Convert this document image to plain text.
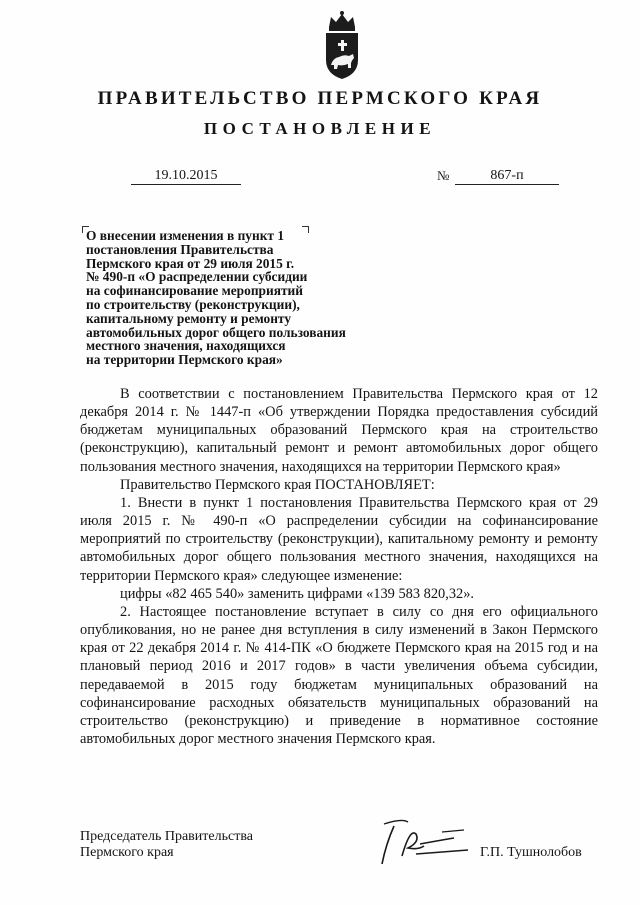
ПРАВИТЕЛЬСТВО ПЕРМСКОГО КРАЯ
ПОСТАНОВЛЕНИЕ
19.10.2015	№	867-п
О внесении изменения в пункт 1
постановления Правительства
Пермского края от 29 июля 2015 г.
№ 490-п «О распределении субсидии
на софинансирование мероприятий
по строительству (реконструкции),
капитальному ремонту и ремонту
автомобильных дорог общего пользования
местного значения, находящихся
на территории Пермского края»

В соответствии с постановлением Правительства Пермского края от 12 декабря 2014 г. № 1447-п «Об утверждении Порядка предоставления субсидий бюджетам муниципальных образований Пермского края на строительство (реконструкцию), капитальный ремонт и ремонт автомобильных дорог общего пользования местного значения, находящихся на территории Пермского края»

Правительство Пермского края ПОСТАНОВЛЯЕТ:

1. Внести в пункт 1 постановления Правительства Пермского края от 29 июля 2015 г. № 490-п «О распределении субсидии на софинансирование мероприятий по строительству (реконструкции), капитальному ремонту и ремонту автомобильных дорог общего пользования местного значения, находящихся на территории Пермского края» следующее изменение:

цифры «82 465 540» заменить цифрами «139 583 820,32».

2. Настоящее постановление вступает в силу со дня его официального опубликования, но не ранее дня вступления в силу изменений в Закон Пермского края от 22 декабря 2014 г. № 414-ПК «О бюджете Пермского края на 2015 год и на плановый период 2016 и 2017 годов» в части увеличения объема субсидии, передаваемой в 2015 году бюджетам муниципальных образований на софинансирование расходных обязательств муниципальных образований на строительство (реконструкцию) и приведение в нормативное состояние автомобильных дорог местного значения Пермского края.

Председатель Правительства
Пермского края	Г.П. Тушнолобов
